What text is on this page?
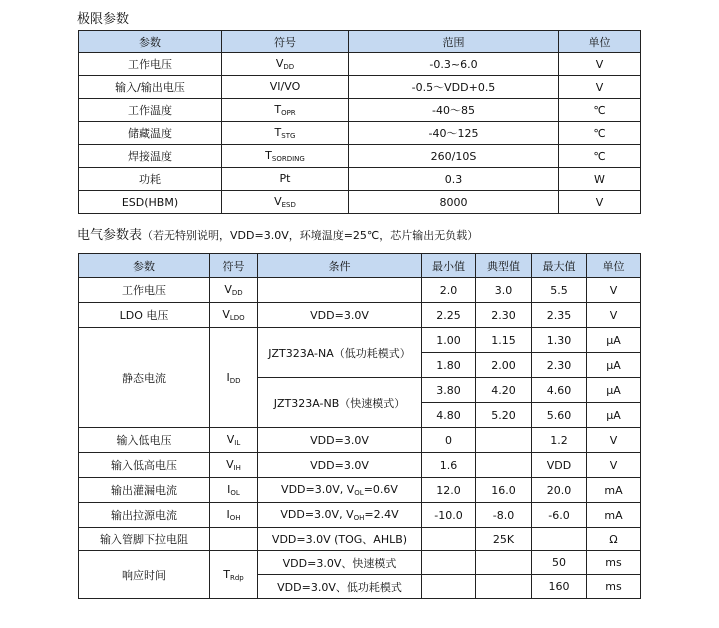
极限参数
参数	符号	范围	单位
工作电压	$V_{DD}$	-0.3~6.0	V
输入/输出电压	VI/VO	-0.5～VDD+0.5	V
工作温度	$T_{OPR}$	-40～85	℃
储藏温度	$T_{STG}$	-40～125	℃
焊接温度	$T_{SORDING}$	260/10S	℃
功耗	Pt	0.3	W
ESD(HBM)	$V_{ESD}$	8000	V
电气参数表（若无特别说明，VDD=3.0V，环境温度=25℃，芯片输出无负载）
参数	符号	条件	最小值	典型值	最大值	单位
工作电压	$V_{DD}$		2.0	3.0	5.5	V
LDO 电压	$V_{LDO}$	VDD=3.0V	2.25	2.30	2.35	V
静态电流	$I_{DD}$	JZT323A-NA（低功耗模式）	1.00	1.15	1.30	μA
			1.80	2.00	2.30	μA
		JZT323A-NB（快速模式）	3.80	4.20	4.60	μA
			4.80	5.20	5.60	μA
输入低电压	$V_{IL}$	VDD=3.0V	0		1.2	V
输入低高电压	$V_{IH}$	VDD=3.0V	1.6		VDD	V
输出灌漏电流	$I_{OL}$	VDD=3.0V, $V_{OL}=0.6V$	12.0	16.0	20.0	mA
输出拉源电流	$I_{OH}$	VDD=3.0V, $V_{OH}=2.4V$	-10.0	-8.0	-6.0	mA
输入管脚下拉电阻		VDD=3.0V (TOG、AHLB)		25K		Ω
响应时间	$T_{Rdp}$	VDD=3.0V、快速模式			50	ms
		VDD=3.0V、低功耗模式			160	ms
